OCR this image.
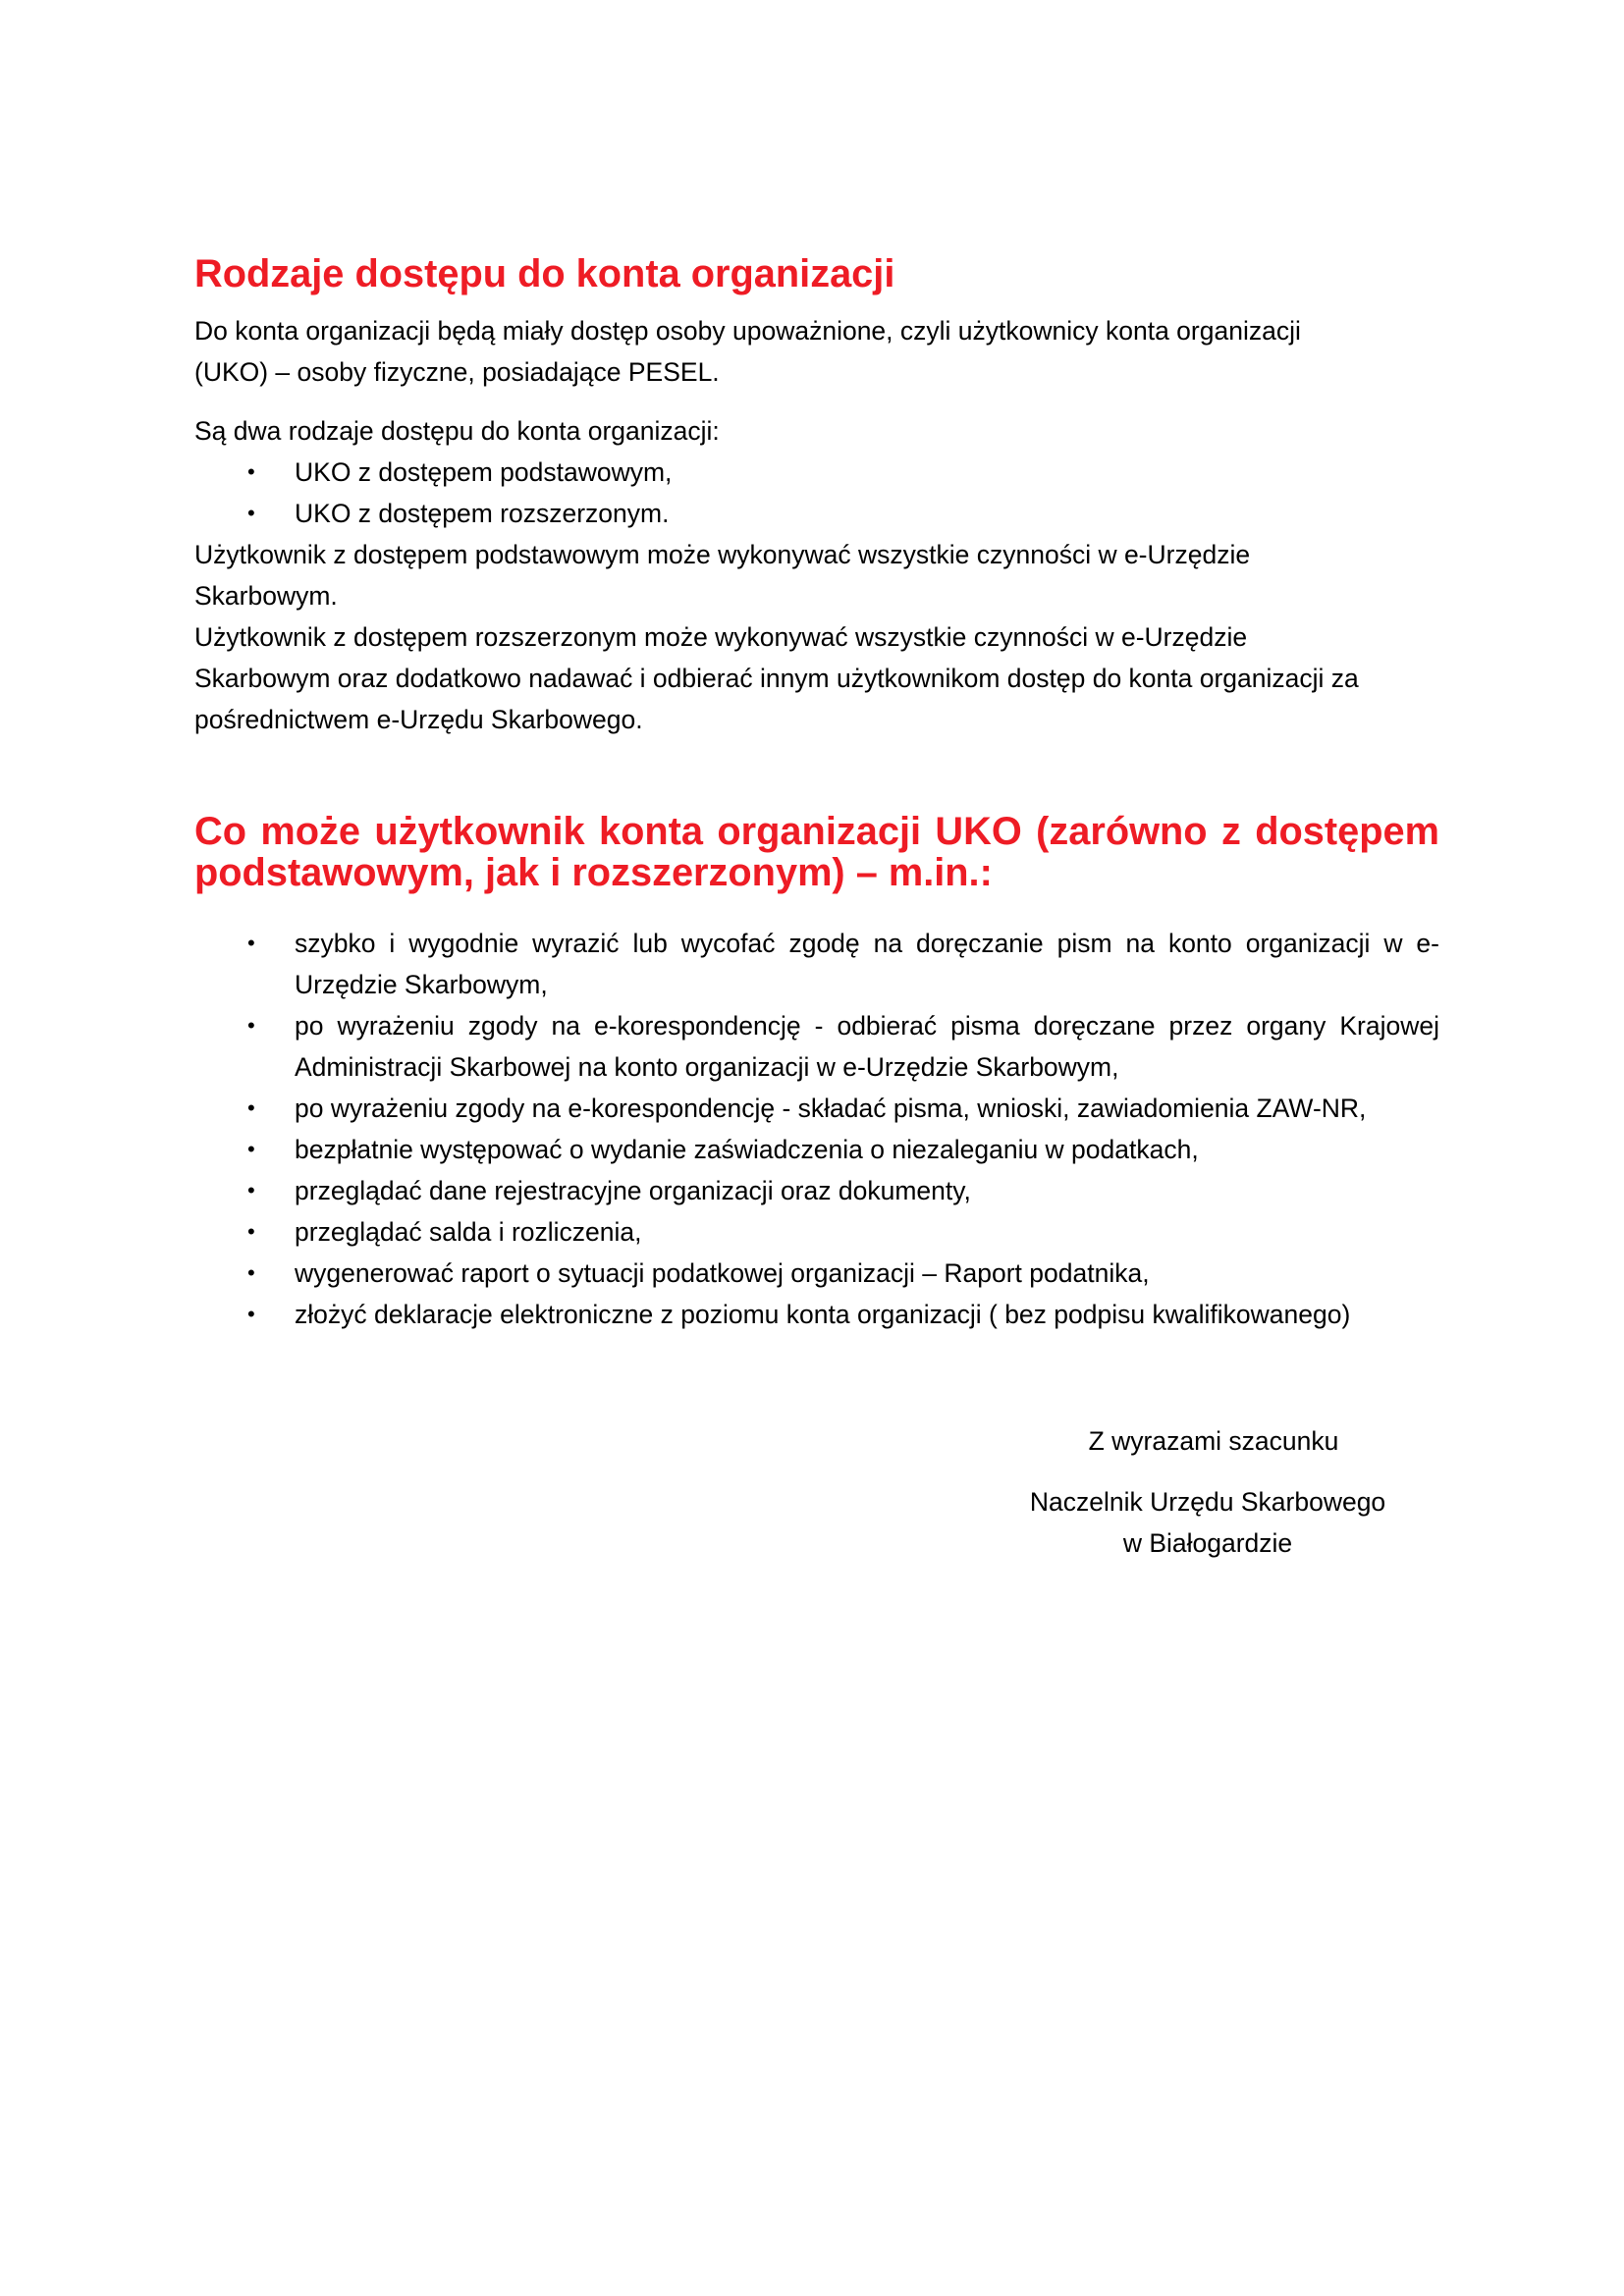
Rodzaje dostępu do konta organizacji

Do konta organizacji będą miały dostęp osoby upoważnione, czyli użytkownicy konta organizacji

(UKO) – osoby fizyczne, posiadające PESEL.

Są dwa rodzaje dostępu do konta organizacji:

• UKO z dostępem podstawowym,
• UKO z dostępem rozszerzonym.

Użytkownik z dostępem podstawowym może wykonywać wszystkie czynności w e-Urzędzie

Skarbowym.

Użytkownik z dostępem rozszerzonym może wykonywać wszystkie czynności w e-Urzędzie

Skarbowym oraz dodatkowo nadawać i odbierać innym użytkownikom dostęp do konta organizacji za

pośrednictwem e-Urzędu Skarbowego.

Co może użytkownik konta organizacji UKO (zarówno z dostępem podstawowym, jak i rozszerzonym) – m.in.:
• szybko i wygodnie wyrazić lub wycofać zgodę na doręczanie pism na konto organizacji w e-Urzędzie Skarbowym,
• po wyrażeniu zgody na e-korespondencję - odbierać pisma doręczane przez organy Krajowej Administracji Skarbowej na konto organizacji w e-Urzędzie Skarbowym,
• po wyrażeniu zgody na e-korespondencję - składać pisma, wnioski, zawiadomienia ZAW-NR,
• bezpłatnie występować o wydanie zaświadczenia o niezaleganiu w podatkach,
• przeglądać dane rejestracyjne organizacji oraz dokumenty,
• przeglądać salda i rozliczenia,
• wygenerować raport o sytuacji podatkowej organizacji – Raport podatnika,
• złożyć deklaracje elektroniczne z poziomu konta organizacji ( bez podpisu kwalifikowanego)
Z wyrazami szacunku
Naczelnik Urzędu Skarbowego
w Białogardzie
